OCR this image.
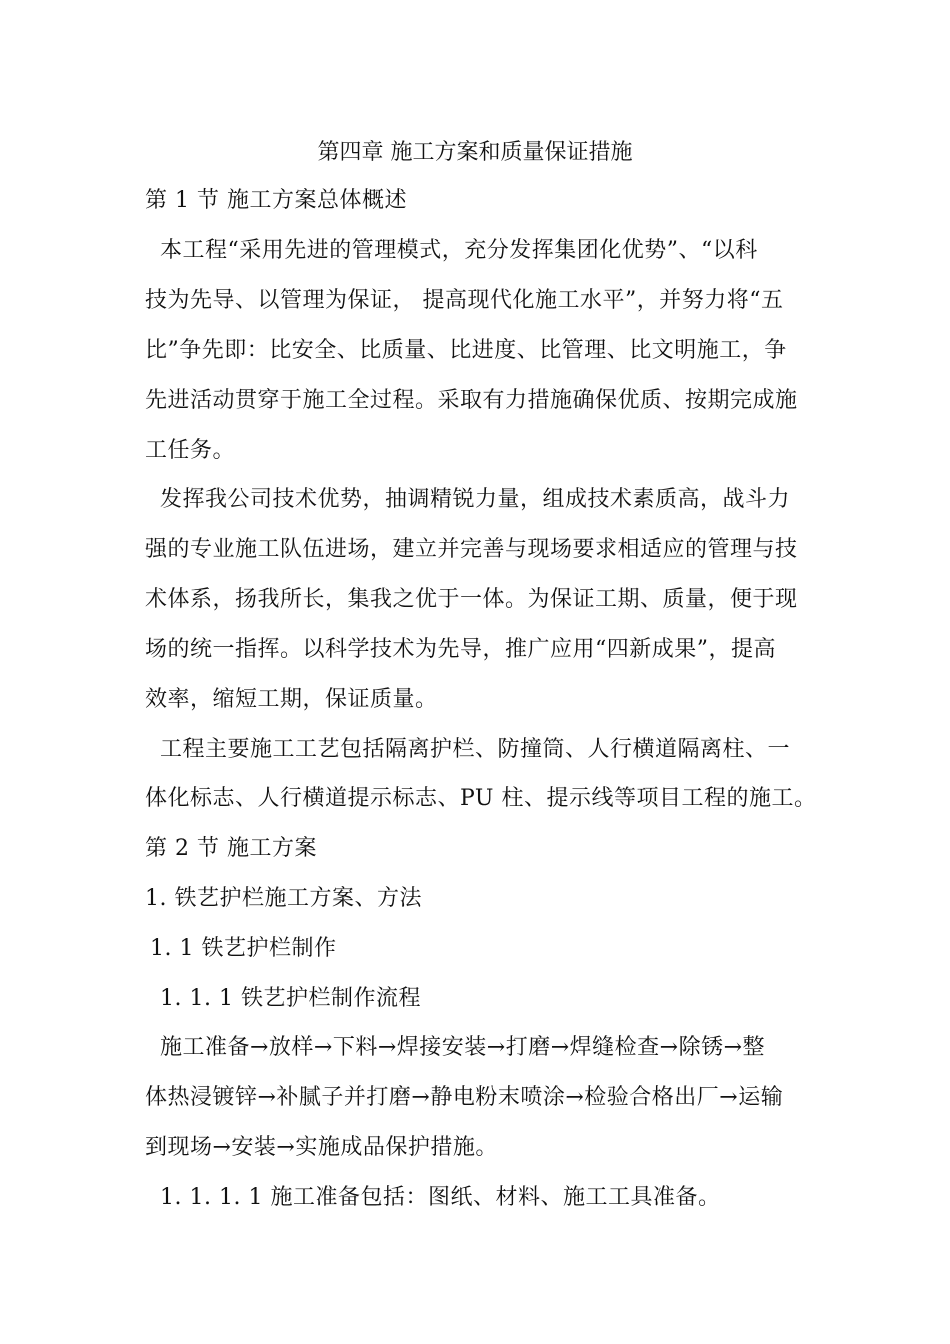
第四章 施工方案和质量保证措施
第 1 节 施工方案总体概述
本工程“采用先进的管理模式，充分发挥集团化优势”、“以科
技为先导、以管理为保证， 提高现代化施工水平”，并努力将“五
比”争先即：比安全、比质量、比进度、比管理、比文明施工，争
先进活动贯穿于施工全过程。采取有力措施确保优质、按期完成施
工任务。
发挥我公司技术优势，抽调精锐力量，组成技术素质高，战斗力
强的专业施工队伍进场，建立并完善与现场要求相适应的管理与技
术体系，扬我所长，集我之优于一体。为保证工期、质量，便于现
场的统一指挥。以科学技术为先导，推广应用“四新成果”，提高
效率，缩短工期，保证质量。
工程主要施工工艺包括隔离护栏、防撞筒、人行横道隔离柱、一
体化标志、人行横道提示标志、PU 柱、提示线等项目工程的施工。
第 2 节 施工方案
1. 铁艺护栏施工方案、方法
1. 1 铁艺护栏制作
1. 1. 1 铁艺护栏制作流程
施工准备→放样→下料→焊接安装→打磨→焊缝检查→除锈→整
体热浸镀锌→补腻子并打磨→静电粉末喷涂→检验合格出厂→运输
到现场→安装→实施成品保护措施。
1. 1. 1. 1 施工准备包括：图纸、材料、施工工具准备。
